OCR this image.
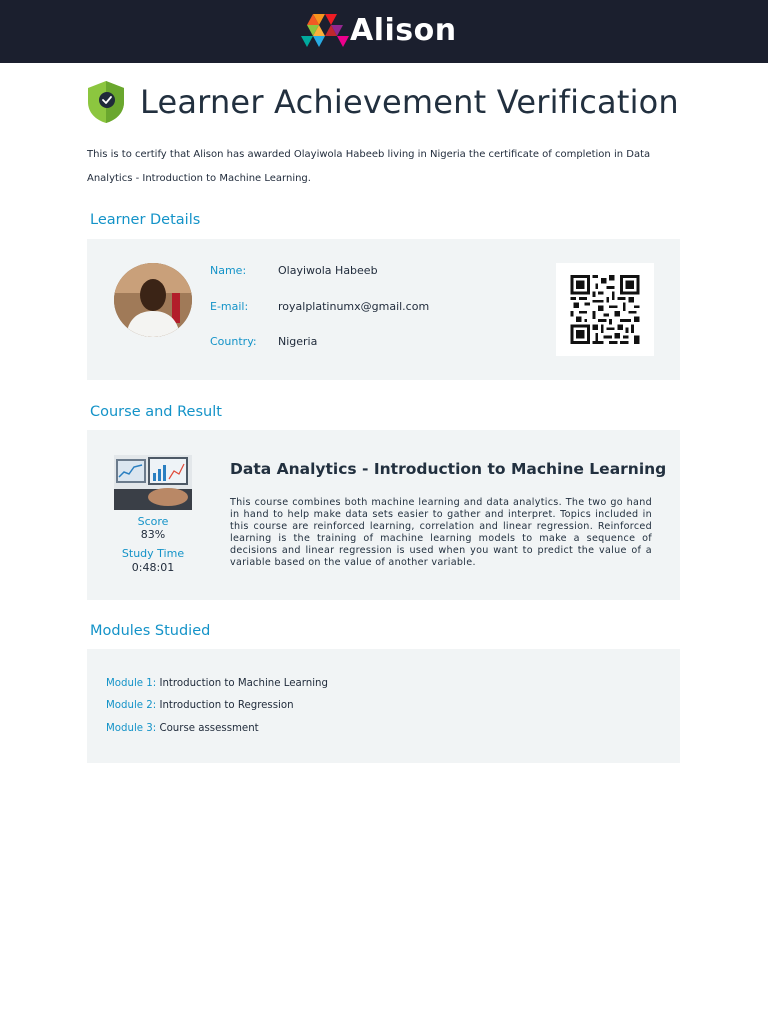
Alison
Learner Achievement Verification

This is to certify that Alison has awarded Olayiwola Habeeb living in Nigeria the certificate of completion in Data Analytics - Introduction to Machine Learning.

Learner Details
Name:	Olayiwola Habeeb
E-mail:	royalplatinumx@gmail.com
Country: Nigeria
Course and Result
Score
83%
Study Time
0:48:01
Data Analytics - Introduction to Machine Learning

This course combines both machine learning and data analytics. The two go hand in hand to help make data sets easier to gather and interpret. Topics included in this course are reinforced learning, correlation and linear regression. Reinforced learning is the training of machine learning models to make a sequence of decisions and linear regression is used when you want to predict the value of a variable based on the value of another variable.

Modules Studied
Module 1: Introduction to Machine Learning
Module 2: Introduction to Regression
Module 3: Course assessment
